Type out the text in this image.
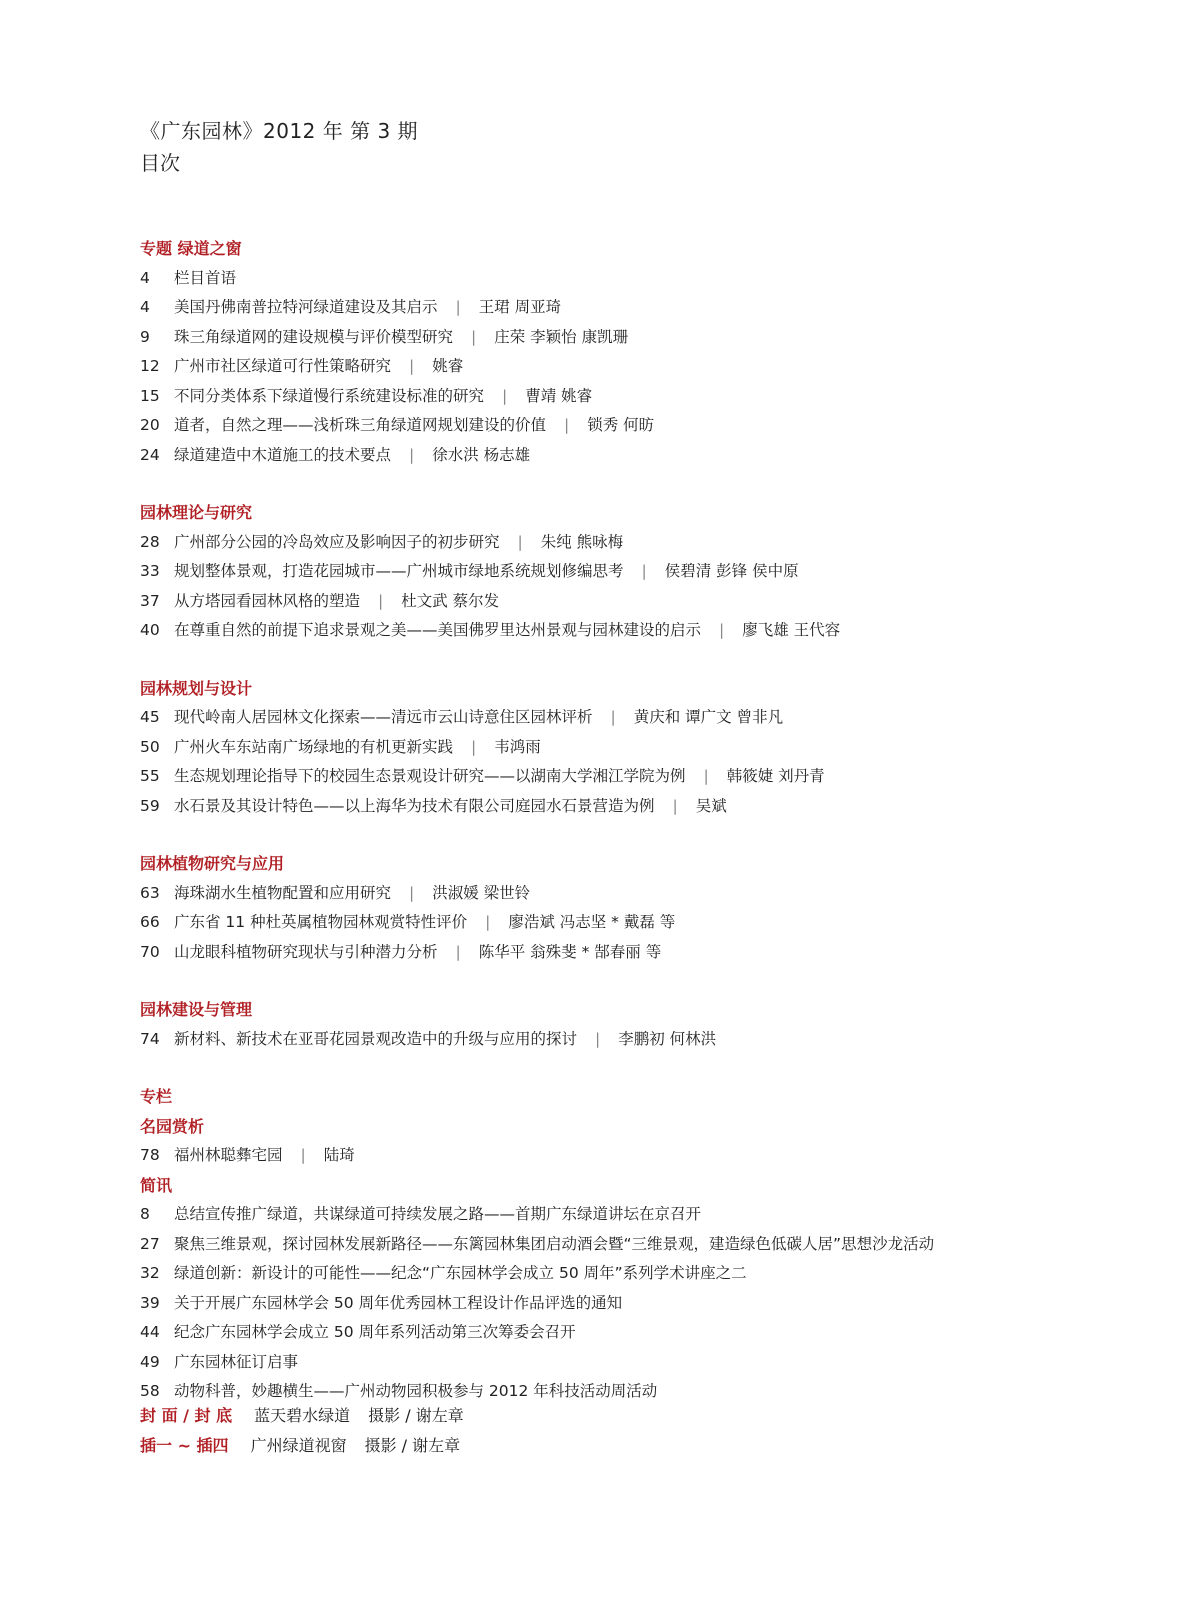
《广东园林》2012 年 第 3 期
目次
专题 绿道之窗
4 栏目首语
4 美国丹佛南普拉特河绿道建设及其启示 | 王珺 周亚琦
9 珠三角绿道网的建设规模与评价模型研究 | 庄荣 李颖怡 康凯珊
12 广州市社区绿道可行性策略研究 | 姚睿
15 不同分类体系下绿道慢行系统建设标准的研究 | 曹靖 姚睿
20 道者，自然之理——浅析珠三角绿道网规划建设的价值 | 锁秀 何昉
24 绿道建造中木道施工的技术要点 | 徐水洪 杨志雄
园林理论与研究
28 广州部分公园的冷岛效应及影响因子的初步研究 | 朱纯 熊咏梅
33 规划整体景观，打造花园城市——广州城市绿地系统规划修编思考 | 侯碧清 彭锋 侯中原
37 从方塔园看园林风格的塑造 | 杜文武 蔡尔发
40 在尊重自然的前提下追求景观之美——美国佛罗里达州景观与园林建设的启示 | 廖飞雄 王代容
园林规划与设计
45 现代岭南人居园林文化探索——清远市云山诗意住区园林评析 | 黄庆和 谭广文 曾非凡
50 广州火车东站南广场绿地的有机更新实践 | 韦鸿雨
55 生态规划理论指导下的校园生态景观设计研究——以湖南大学湘江学院为例 | 韩筱婕 刘丹青
59 水石景及其设计特色——以上海华为技术有限公司庭园水石景营造为例 | 吴斌
园林植物研究与应用
63 海珠湖水生植物配置和应用研究 | 洪淑媛 梁世铃
66 广东省 11 种杜英属植物园林观赏特性评价 | 廖浩斌 冯志坚 * 戴磊 等
70 山龙眼科植物研究现状与引种潜力分析 | 陈华平 翁殊斐 * 郜春丽 等
园林建设与管理
74 新材料、新技术在亚哥花园景观改造中的升级与应用的探讨 | 李鹏初 何林洪
专栏
名园赏析
78 福州林聪彝宅园 | 陆琦
简讯
8 总结宣传推广绿道，共谋绿道可持续发展之路——首期广东绿道讲坛在京召开
27 聚焦三维景观，探讨园林发展新路径——东篱园林集团启动酒会暨“三维景观，建造绿色低碳人居”思想沙龙活动
32 绿道创新：新设计的可能性——纪念“广东园林学会成立 50 周年”系列学术讲座之二
39 关于开展广东园林学会 50 周年优秀园林工程设计作品评选的通知
44 纪念广东园林学会成立 50 周年系列活动第三次筹委会召开
49 广东园林征订启事
58 动物科普，妙趣横生——广州动物园积极参与 2012 年科技活动周活动
封 面 / 封 底 蓝天碧水绿道 摄影 / 谢左章
插一 ~ 插四 广州绿道视窗 摄影 / 谢左章
